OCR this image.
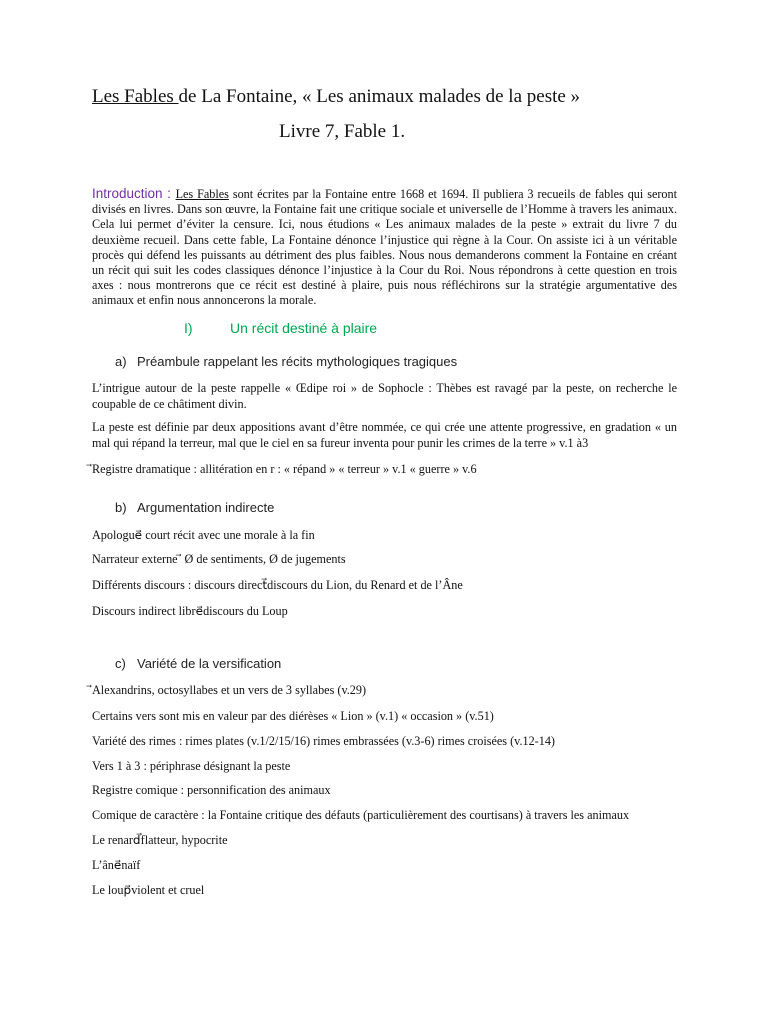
Les Fables de La Fontaine, « Les animaux malades de la peste »
Livre 7, Fable 1.
Introduction : Les Fables sont écrites par la Fontaine entre 1668 et 1694. Il publiera 3 recueils de fables qui seront divisés en livres. Dans son œuvre, la Fontaine fait une critique sociale et universelle de l’Homme à travers les animaux. Cela lui permet d’éviter la censure. Ici, nous étudions « Les animaux malades de la peste » extrait du livre 7 du deuxième recueil. Dans cette fable, La Fontaine dénonce l’injustice qui règne à la Cour. On assiste ici à un véritable procès qui défend les puissants au détriment des plus faibles. Nous nous demanderons comment la Fontaine en créant un récit qui suit les codes classiques dénonce l’injustice à la Cour du Roi. Nous répondrons à cette question en trois axes : nous montrerons que ce récit est destiné à plaire, puis nous réfléchirons sur la stratégie argumentative des animaux et enfin nous annoncerons la morale.
I)	Un récit destiné à plaire
a) Préambule rappelant les récits mythologiques tragiques
L’intrigue autour de la peste rappelle « Œdipe roi » de Sophocle : Thèbes est ravagé par la peste, on recherche le coupable de ce châtiment divin.
La peste est définie par deux appositions avant d’être nommée, ce qui crée une attente progressive, en gradation « un mal qui répand la terreur, mal que le ciel en sa fureur inventa pour punir les crimes de la terre » v.1 à3
⃗Registre dramatique : allitération en r : « répand » « terreur » v.1 « guerre » v.6
b) Argumentation indirecte
Apologue⃗ court récit avec une morale à la fin
Narrateur externe ⃗ Ø de sentiments, Ø de jugements
Différents discours : discours direct⃗discours du Lion, du Renard et de l’Âne
Discours indirect libre⃗discours du Loup
c) Variété de la versification
⃗Alexandrins, octosyllabes et un vers de 3 syllabes (v.29)
Certains vers sont mis en valeur par des diérèses « Lion » (v.1) « occasion » (v.51)
Variété des rimes : rimes plates (v.1/2/15/16) rimes embrassées (v.3-6) rimes croisées (v.12-14)
Vers 1 à 3 : périphrase désignant la peste
Registre comique : personnification des animaux
Comique de caractère : la Fontaine critique des défauts (particulièrement des courtisans) à travers les animaux
Le renard⃗flatteur, hypocrite
L’âne⃗naïf
Le loup⃗violent et cruel
